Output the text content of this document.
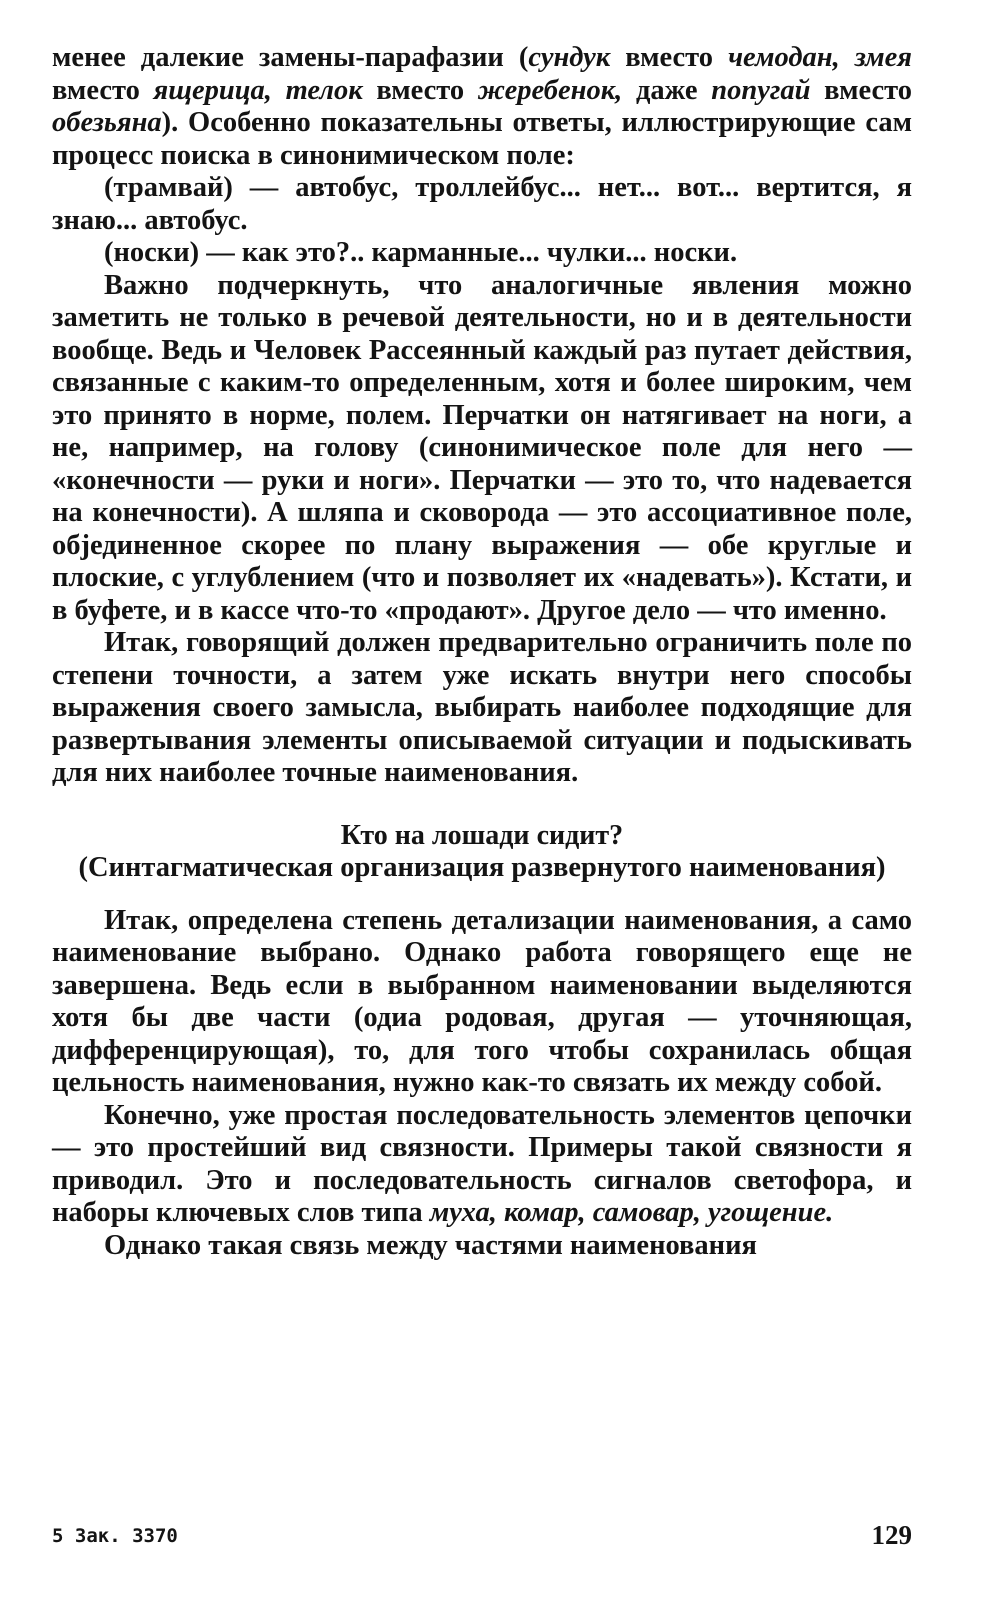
менее далекие замены-парафазии (сундук вместо чемодан, змея вместо ящерица, телок вместо жеребенок, даже попугай вместо обезьяна). Особенно показательны ответы, иллюстрирующие сам процесс поиска в синонимическом поле:

(трамвай) — автобус, троллейбус... нет... вот... вертится, я знаю... автобус.

(носки) — как это?.. карманные... чулки... носки.

Важно подчеркнуть, что аналогичные явления можно заметить не только в речевой деятельности, но и в деятельности вообще. Ведь и Человек Рассеянный каждый раз путает действия, связанные с каким-то определенным, хотя и более широким, чем это принято в норме, полем. Перчатки он натягивает на ноги, а не, например, на голову (синонимическое поле для него — «конечности — руки и ноги». Перчатки — это то, что надевается на конечности). А шляпа и сковорода — это ассоциативное поле, објединенное скорее по плану выражения — обе круглые и плоские, с углублением (что и позволяет их «надевать»). Кстати, и в буфете, и в кассе что-то «продают». Другое дело — что именно.

Итак, говорящий должен предварительно ограничить поле по степени точности, а затем уже искать внутри него способы выражения своего замысла, выбирать наиболее подходящие для развертывания элементы описываемой ситуации и подыскивать для них наиболее точные наименования.

Кто на лошади сидит?
(Синтагматическая организация развернутого наименования)

Итак, определена степень детализации наименования, а само наименование выбрано. Однако работа говорящего еще не завершена. Ведь если в выбранном наименовании выделяются хотя бы две части (одиа родовая, другая — уточняющая, дифференцирующая), то, для того чтобы сохранилась общая цельность наименования, нужно как-то связать их между собой.

Конечно, уже простая последовательность элементов цепочки — это простейший вид связности. Примеры такой связности я приводил. Это и последовательность сигналов светофора, и наборы ключевых слов типа муха, комар, самовар, угощение.

Однако такая связь между частями наименования

5 Зак. 3370	129
